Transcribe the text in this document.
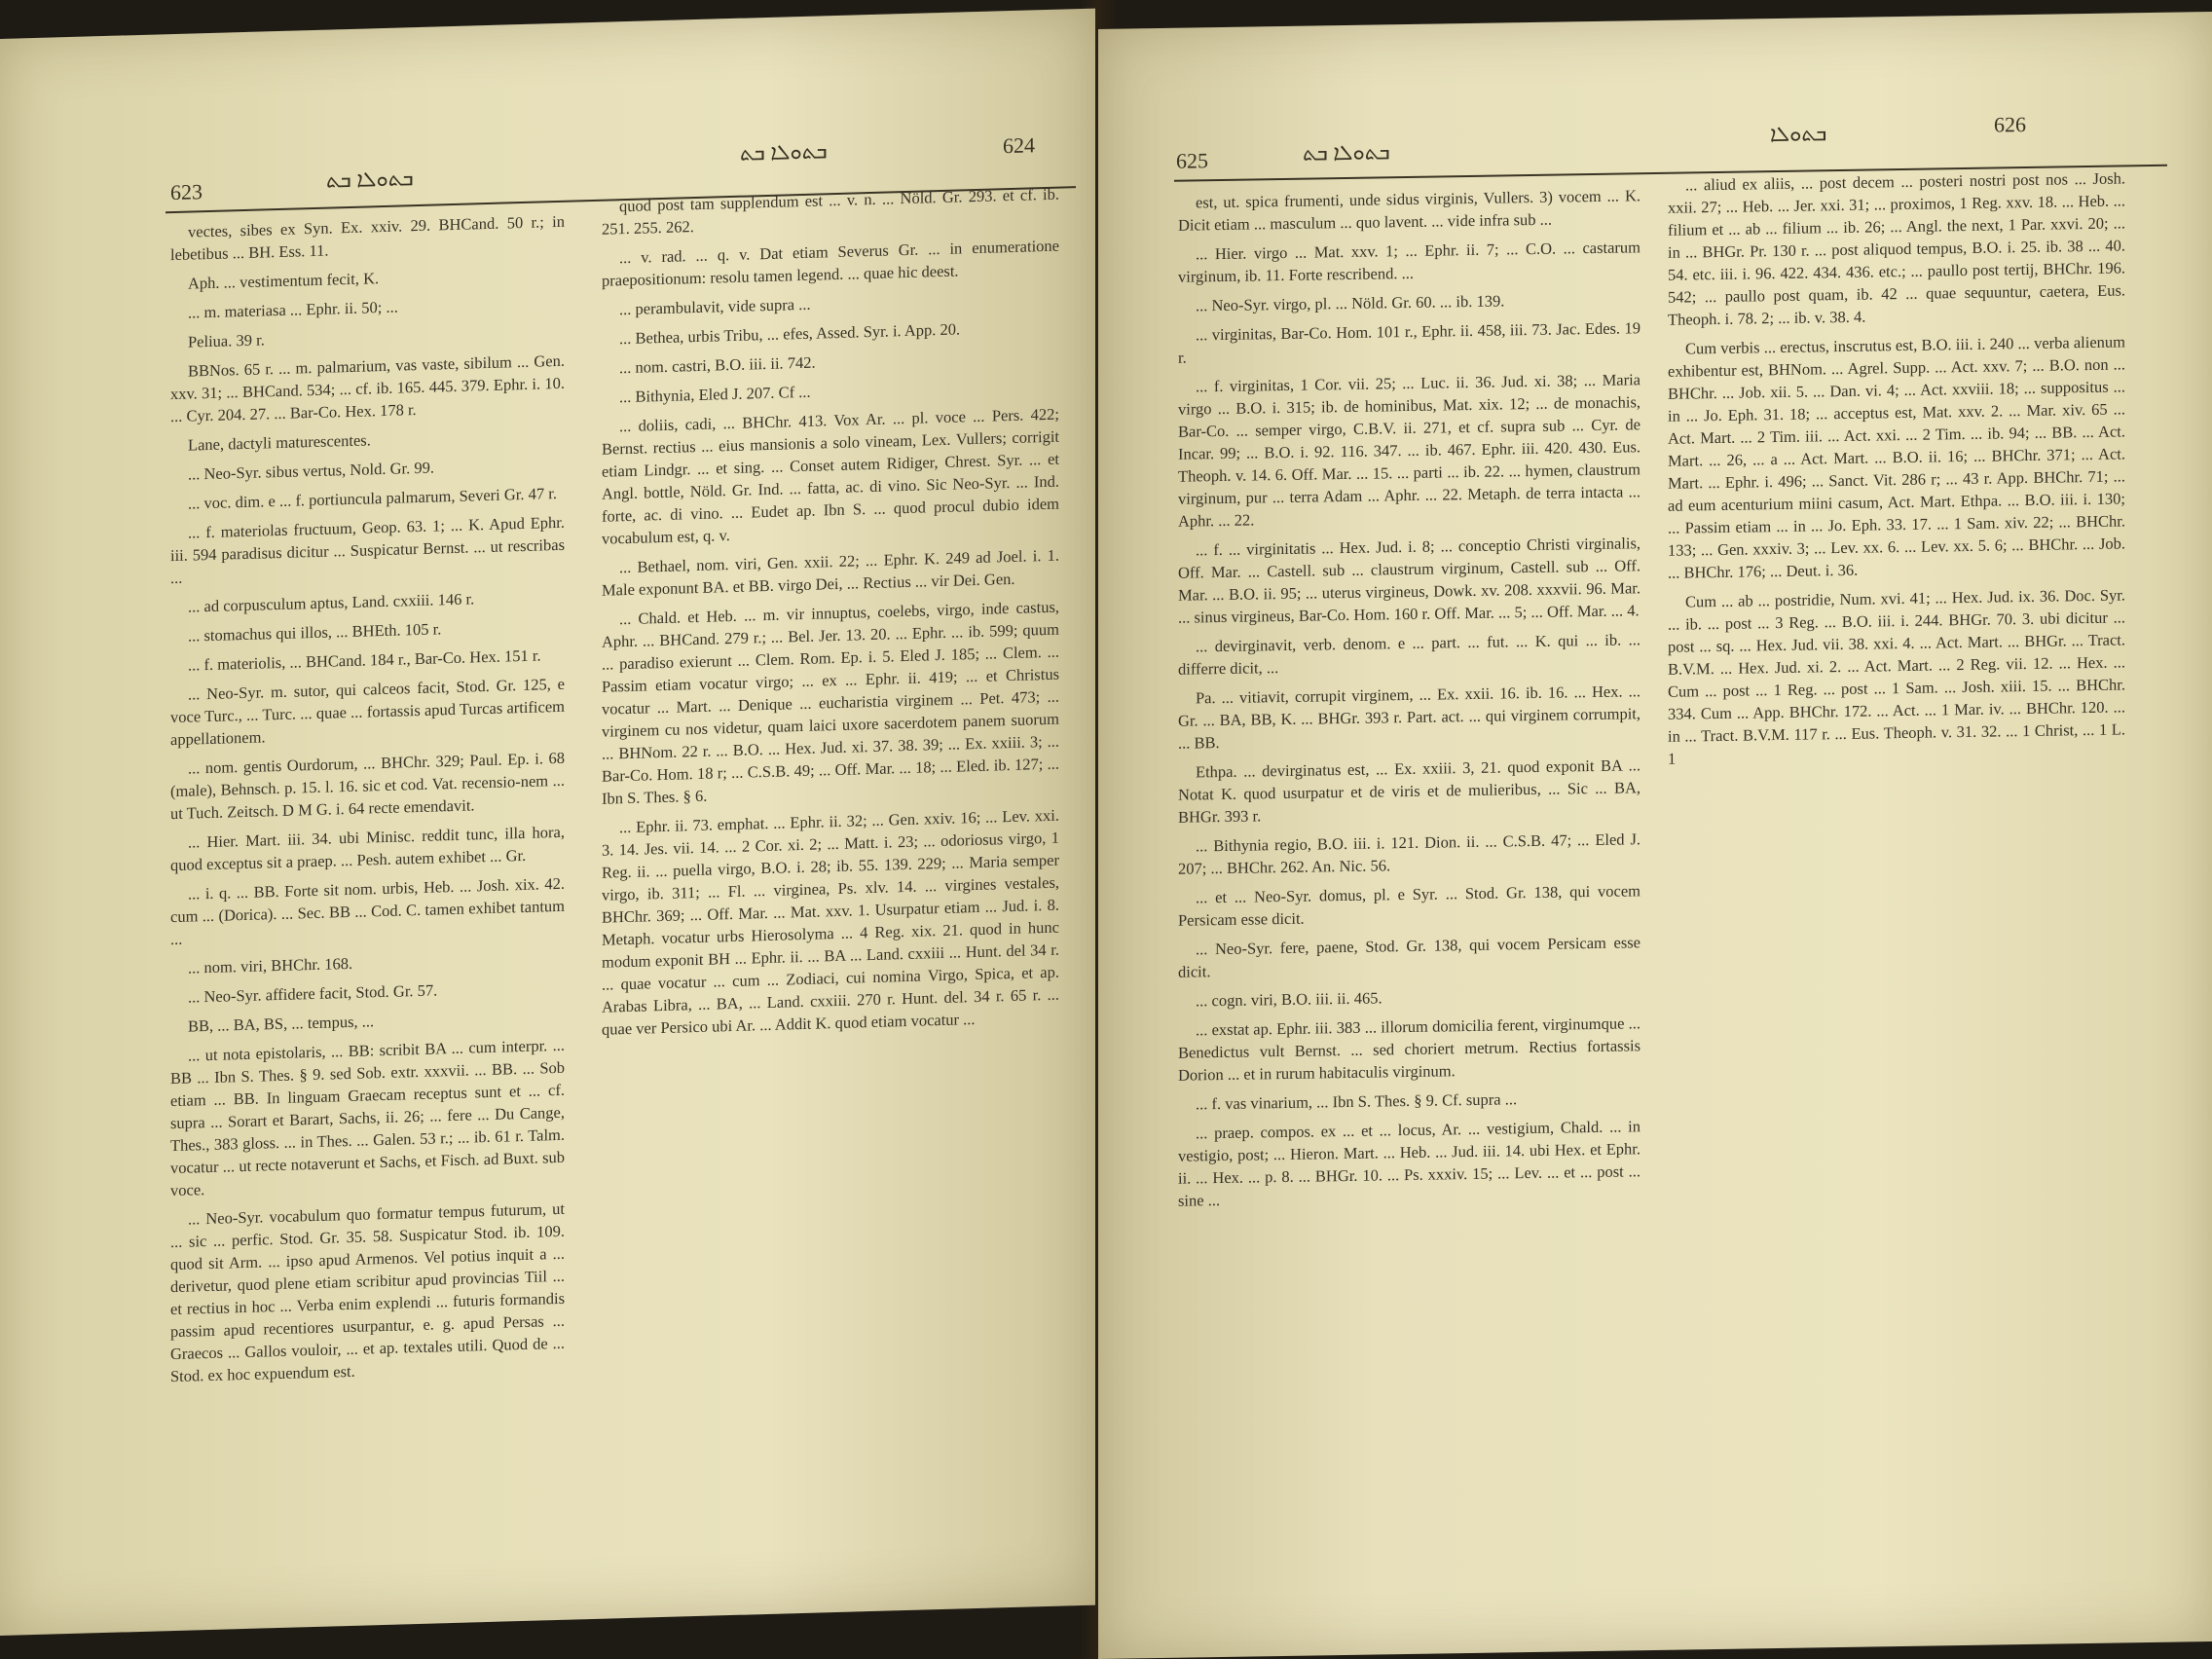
623	ܒܬܘܠܐ ܒܬ
ܒܬܘܠܐ ܒܬ	624

vectes, sibes ex Syn. Ex. xxiv. 29. BHCand. 50 r.; in lebetibus ... BH. Ess. 11.

Aph. ... vestimentum fecit, K.

... m. materiasa ... Ephr. ii. 50; ...

Peliua. 39 r.

BBNos. 65 r. ... m. palmarium, vas vaste, sibilum ... Gen. xxv. 31; ... BHCand. 534; ... cf. ib. 165. 445. 379. Ephr. i. 10. ... Cyr. 204. 27. ... Bar-Co. Hex. 178 r.

Lane, dactyli maturescentes.

... Neo-Syr. sibus vertus, Nold. Gr. 99.

... voc. dim. e ... f. portiuncula palmarum, Severi Gr. 47 r.

... f. materiolas fructuum, Geop. 63. 1; ... K. Apud Ephr. iii. 594 paradisus dicitur ... Suspicatur Bernst. ... ut rescribas ...

... ad corpusculum aptus, Land. cxxiii. 146 r.

... stomachus qui illos, ... BHEth. 105 r.

... f. materiolis, ... BHCand. 184 r., Bar-Co. Hex. 151 r.

... Neo-Syr. m. sutor, qui calceos facit, Stod. Gr. 125, e voce Turc., ... Turc. ... quae ... fortassis apud Turcas artificem appellationem.

... nom. gentis Ourdorum, ... BHChr. 329; Paul. Ep. i. 68 (male), Behnsch. p. 15. l. 16. sic et cod. Vat. recensio-nem ... ut Tuch. Zeitsch. D M G. i. 64 recte emendavit.

... Hier. Mart. iii. 34. ubi Minisc. reddit tunc, illa hora, quod exceptus sit a praep. ... Pesh. autem exhibet ... Gr.

... i. q. ... BB. Forte sit nom. urbis, Heb. ... Josh. xix. 42. cum ... (Dorica). ... Sec. BB ... Cod. C. tamen exhibet tantum ...

... nom. viri, BHChr. 168.

... Neo-Syr. affidere facit, Stod. Gr. 57.

BB, ... BA, BS, ... tempus, ...

... ut nota epistolaris, ... BB: scribit BA ... cum interpr. ... BB ... Ibn S. Thes. § 9. sed Sob. extr. xxxvii. ... BB. ... Sob etiam ... BB. In linguam Graecam receptus sunt et ... cf. supra ... Sorart et Barart, Sachs, ii. 26; ... fere ... Du Cange, Thes., 383 gloss. ... in Thes. ... Galen. 53 r.; ... ib. 61 r. Talm. vocatur ... ut recte notaverunt et Sachs, et Fisch. ad Buxt. sub voce.

... Neo-Syr. vocabulum quo formatur tempus futurum, ut ... sic ... perfic. Stod. Gr. 35. 58. Suspicatur Stod. ib. 109. quod sit Arm. ... ipso apud Armenos. Vel potius inquit a ... derivetur, quod plene etiam scribitur apud provincias Tiil ... et rectius in hoc ... Verba enim explendi ... futuris formandis passim apud recentiores usurpantur, e. g. apud Persas ... Graecos ... Gallos vouloir, ... et ap. textales utili. Quod de ... Stod. ex hoc expuendum est.

quod post tam supplendum est ... v. n. ... Nöld. Gr. 293. et cf. ib. 251. 255. 262.

... v. rad. ... q. v. Dat etiam Severus Gr. ... in enumeratione praepositionum: resolu tamen legend. ... quae hic deest.

... perambulavit, vide supra ...

... Bethea, urbis Tribu, ... efes, Assed. Syr. i. App. 20.

... nom. castri, B.O. iii. ii. 742.

... Bithynia, Eled J. 207. Cf ...

... doliis, cadi, ... BHChr. 413. Vox Ar. ... pl. voce ... Pers. 422; Bernst. rectius ... eius mansionis a solo vineam, Lex. Vullers; corrigit etiam Lindgr. ... et sing. ... Conset autem Ridiger, Chrest. Syr. ... et Angl. bottle, Nöld. Gr. Ind. ... fatta, ac. di vino. Sic Neo-Syr. ... Ind. forte, ac. di vino. ... Eudet ap. Ibn S. ... quod procul dubio idem vocabulum est, q. v.

... Bethael, nom. viri, Gen. xxii. 22; ... Ephr. K. 249 ad Joel. i. 1. Male exponunt BA. et BB. virgo Dei, ... Rectius ... vir Dei. Gen.

... Chald. et Heb. ... m. vir innuptus, coelebs, virgo, inde castus, Aphr. ... BHCand. 279 r.; ... Bel. Jer. 13. 20. ... Ephr. ... ib. 599; quum ... paradiso exierunt ... Clem. Rom. Ep. i. 5. Eled J. 185; ... Clem. ... Passim etiam vocatur virgo; ... ex ... Ephr. ii. 419; ... et Christus vocatur ... Mart. ... Denique ... eucharistia virginem ... Pet. 473; ... virginem cu nos videtur, quam laici uxore sacerdotem panem suorum ... BHNom. 22 r. ... B.O. ... Hex. Jud. xi. 37. 38. 39; ... Ex. xxiii. 3; ... Bar-Co. Hom. 18 r; ... C.S.B. 49; ... Off. Mar. ... 18; ... Eled. ib. 127; ... Ibn S. Thes. § 6.

... Ephr. ii. 73. emphat. ... Ephr. ii. 32; ... Gen. xxiv. 16; ... Lev. xxi. 3. 14. Jes. vii. 14. ... 2 Cor. xi. 2; ... Matt. i. 23; ... odoriosus virgo, 1 Reg. ii. ... puella virgo, B.O. i. 28; ib. 55. 139. 229; ... Maria semper virgo, ib. 311; ... Fl. ... virginea, Ps. xlv. 14. ... virgines vestales, BHChr. 369; ... Off. Mar. ... Mat. xxv. 1. Usurpatur etiam ... Jud. i. 8. Metaph. vocatur urbs Hierosolyma ... 4 Reg. xix. 21. quod in hunc modum exponit BH ... Ephr. ii. ... BA ... Land. cxxiii ... Hunt. del 34 r. ... quae vocatur ... cum ... Zodiaci, cui nomina Virgo, Spica, et ap. Arabas Libra, ... BA, ... Land. cxxiii. 270 r. Hunt. del. 34 r. 65 r. ... quae ver Persico ubi Ar. ... Addit K. quod etiam vocatur ...

625	ܒܬܘܠܐ ܒܬ
ܒܬܘܠܐ	626

est, ut. spica frumenti, unde sidus virginis, Vullers. 3) vocem ... K. Dicit etiam ... masculum ... quo lavent. ... vide infra sub ...

... Hier. virgo ... Mat. xxv. 1; ... Ephr. ii. 7; ... C.O. ... castarum virginum, ib. 11. Forte rescribend. ...

... Neo-Syr. virgo, pl. ... Nöld. Gr. 60. ... ib. 139.

... virginitas, Bar-Co. Hom. 101 r., Ephr. ii. 458, iii. 73. Jac. Edes. 19 r.

... f. virginitas, 1 Cor. vii. 25; ... Luc. ii. 36. Jud. xi. 38; ... Maria virgo ... B.O. i. 315; ib. de hominibus, Mat. xix. 12; ... de monachis, Bar-Co. ... semper virgo, C.B.V. ii. 271, et cf. supra sub ... Cyr. de Incar. 99; ... B.O. i. 92. 116. 347. ... ib. 467. Ephr. iii. 420. 430. Eus. Theoph. v. 14. 6. Off. Mar. ... 15. ... parti ... ib. 22. ... hymen, claustrum virginum, pur ... terra Adam ... Aphr. ... 22. Metaph. de terra intacta ... Aphr. ... 22.

... f. ... virginitatis ... Hex. Jud. i. 8; ... conceptio Christi virginalis, Off. Mar. ... Castell. sub ... claustrum virginum, Castell. sub ... Off. Mar. ... B.O. ii. 95; ... uterus virgineus, Dowk. xv. 208. xxxvii. 96. Mar. ... sinus virgineus, Bar-Co. Hom. 160 r. Off. Mar. ... 5; ... Off. Mar. ... 4.

... devirginavit, verb. denom. e ... part. ... fut. ... K. qui ... ib. ... differre dicit, ...

Pa. ... vitiavit, corrupit virginem, ... Ex. xxii. 16. ib. 16. ... Hex. ... Gr. ... BA, BB, K. ... BHGr. 393 r. Part. act. ... qui virginem corrumpit, ... BB.

Ethpa. ... devirginatus est, ... Ex. xxiii. 3, 21. quod exponit BA ... Notat K. quod usurpatur et de viris et de mulieribus, ... Sic ... BA, BHGr. 393 r.

... Bithynia regio, B.O. iii. i. 121. Dion. ii. ... C.S.B. 47; ... Eled J. 207; ... BHChr. 262. An. Nic. 56.

... et ... Neo-Syr. domus, pl. e Syr. ... Stod. Gr. 138, qui vocem Persicam esse dicit.

... Neo-Syr. fere, paene, Stod. Gr. 138, qui vocem Persicam esse dicit.

... cogn. viri, B.O. iii. ii. 465.

... exstat ap. Ephr. iii. 383 ... illorum domicilia ferent, virginumque ... Benedictus vult Bernst. ... sed choriert metrum. Rectius fortassis Dorion ... et in rurum habitaculis virginum.

... f. vas vinarium, ... Ibn S. Thes. § 9. Cf. supra ...

... praep. compos. ex ... et ... locus, Ar. ... vestigium, Chald. ... in vestigio, post; ... Hieron. Mart. ... Heb. ... Jud. iii. 14. ubi Hex. et Ephr. ii. ... Hex. ... p. 8. ... BHGr. 10. ... Ps. xxxiv. 15; ... Lev. ... et ... post ... sine ...

... aliud ex aliis, ... post decem ... posteri nostri post nos ... Josh. xxii. 27; ... Heb. ... Jer. xxi. 31; ... proximos, 1 Reg. xxv. 18. ... Heb. ... filium et ... ab ... filium ... ib. 26; ... Angl. the next, 1 Par. xxvi. 20; ... in ... BHGr. Pr. 130 r. ... post aliquod tempus, B.O. i. 25. ib. 38 ... 40. 54. etc. iii. i. 96. 422. 434. 436. etc.; ... paullo post tertij, BHChr. 196. 542; ... paullo post quam, ib. 42 ... quae sequuntur, caetera, Eus. Theoph. i. 78. 2; ... ib. v. 38. 4.

Cum verbis ... erectus, inscrutus est, B.O. iii. i. 240 ... verba alienum exhibentur est, BHNom. ... Agrel. Supp. ... Act. xxv. 7; ... B.O. non ... BHChr. ... Job. xii. 5. ... Dan. vi. 4; ... Act. xxviii. 18; ... suppositus ... in ... Jo. Eph. 31. 18; ... acceptus est, Mat. xxv. 2. ... Mar. xiv. 65 ... Act. Mart. ... 2 Tim. iii. ... Act. xxi. ... 2 Tim. ... ib. 94; ... BB. ... Act. Mart. ... 26, ... a ... Act. Mart. ... B.O. ii. 16; ... BHChr. 371; ... Act. Mart. ... Ephr. i. 496; ... Sanct. Vit. 286 r; ... 43 r. App. BHChr. 71; ... ad eum acenturium miini casum, Act. Mart. Ethpa. ... B.O. iii. i. 130; ... Passim etiam ... in ... Jo. Eph. 33. 17. ... 1 Sam. xiv. 22; ... BHChr. 133; ... Gen. xxxiv. 3; ... Lev. xx. 6. ... Lev. xx. 5. 6; ... BHChr. ... Job. ... BHChr. 176; ... Deut. i. 36.

Cum ... ab ... postridie, Num. xvi. 41; ... Hex. Jud. ix. 36. Doc. Syr. ... ib. ... post ... 3 Reg. ... B.O. iii. i. 244. BHGr. 70. 3. ubi dicitur ... post ... sq. ... Hex. Jud. vii. 38. xxi. 4. ... Act. Mart. ... BHGr. ... Tract. B.V.M. ... Hex. Jud. xi. 2. ... Act. Mart. ... 2 Reg. vii. 12. ... Hex. ... Cum ... post ... 1 Reg. ... post ... 1 Sam. ... Josh. xiii. 15. ... BHChr. 334. Cum ... App. BHChr. 172. ... Act. ... 1 Mar. iv. ... BHChr. 120. ... in ... Tract. B.V.M. 117 r. ... Eus. Theoph. v. 31. 32. ... 1 Christ, ... 1 L. 1
